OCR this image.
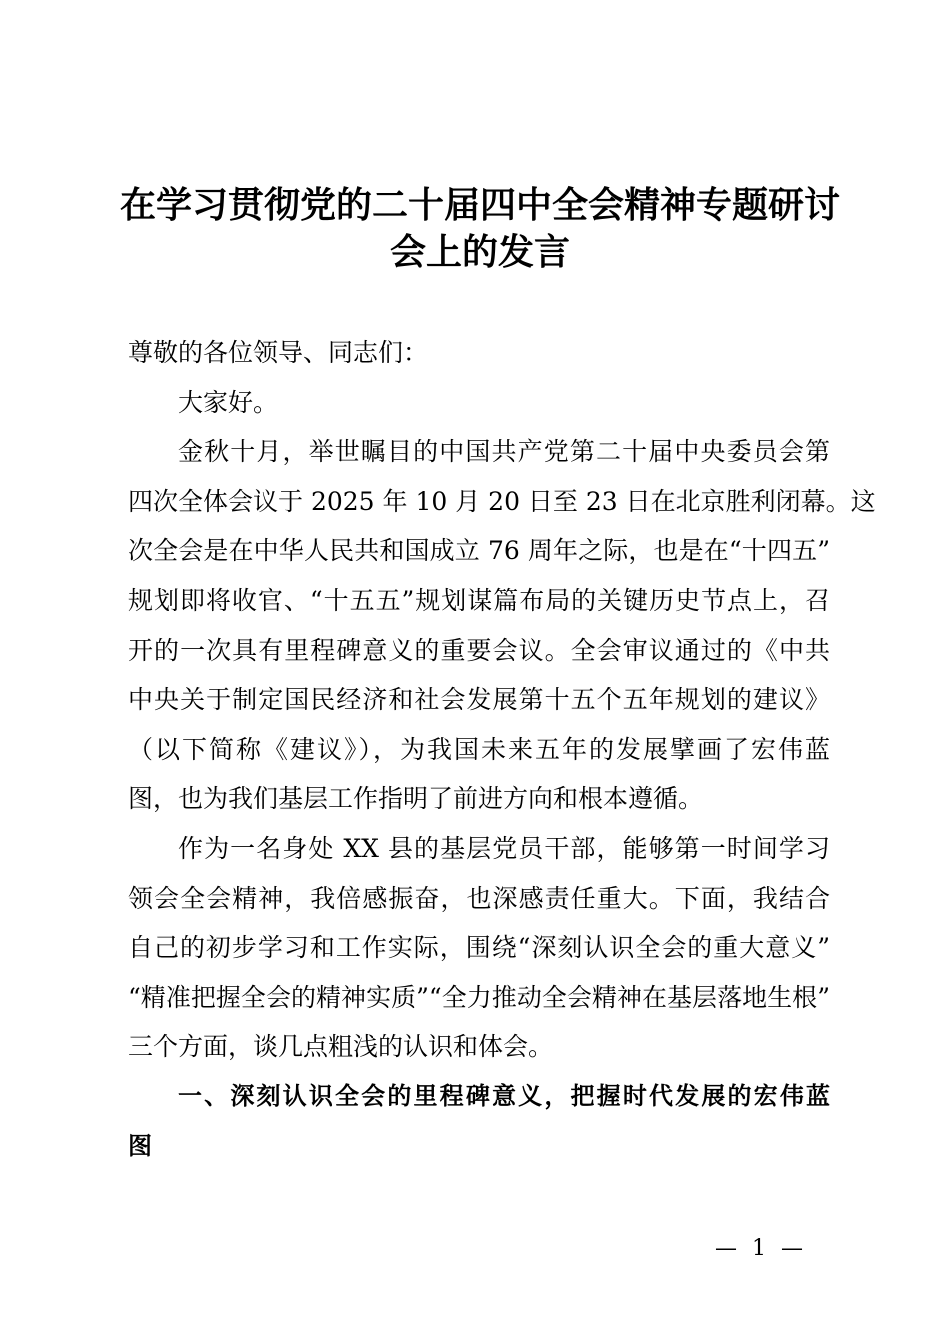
在学习贯彻党的二十届四中全会精神专题研讨
会上的发言
尊敬的各位领导、同志们：
大家好。
金秋十月，举世瞩目的中国共产党第二十届中央委员会第
四次全体会议于 2025 年 10 月 20 日至 23 日在北京胜利闭幕。这
次全会是在中华人民共和国成立 76 周年之际，也是在“十四五”
规划即将收官、“十五五”规划谋篇布局的关键历史节点上，召
开的一次具有里程碑意义的重要会议。全会审议通过的《中共
中央关于制定国民经济和社会发展第十五个五年规划的建议》
（以下简称《建议》），为我国未来五年的发展擘画了宏伟蓝
图，也为我们基层工作指明了前进方向和根本遵循。
作为一名身处 XX 县的基层党员干部，能够第一时间学习
领会全会精神，我倍感振奋，也深感责任重大。下面，我结合
自己的初步学习和工作实际，围绕“深刻认识全会的重大意义”
“精准把握全会的精神实质”“全力推动全会精神在基层落地生根”
三个方面，谈几点粗浅的认识和体会。
一、深刻认识全会的里程碑意义，把握时代发展的宏伟蓝
图
— 1 —
